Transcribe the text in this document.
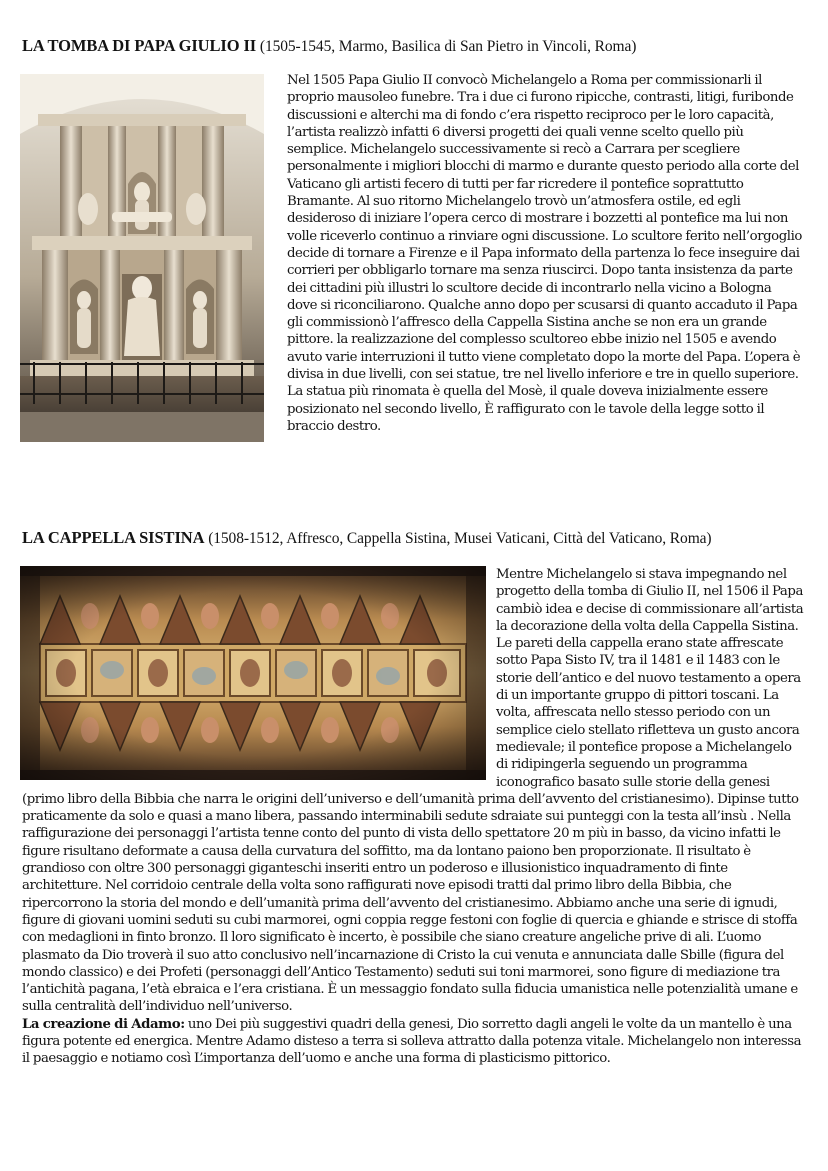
LA TOMBA DI PAPA GIULIO II (1505-1545, Marmo, Basilica di San Pietro in Vincoli, Roma)
Nel 1505 Papa Giulio II convocò Michelangelo a Roma per commissionarli il proprio mausoleo funebre. Tra i due ci furono ripicche, contrasti, litigi, furibonde discussioni e alterchi ma di fondo c’era rispetto reciproco per le loro capacità, l’artista realizzò infatti 6 diversi progetti dei quali venne scelto quello più semplice. Michelangelo successivamente si recò a Carrara per scegliere personalmente i migliori blocchi di marmo e durante questo periodo alla corte del Vaticano gli artisti fecero di tutti per far ricredere il pontefice soprattutto Bramante. Al suo ritorno Michelangelo trovò un’atmosfera ostile, ed egli desideroso di iniziare l’opera cerco di mostrare i bozzetti al pontefice ma lui non volle riceverlo continuo a rinviare ogni discussione. Lo scultore ferito nell’orgoglio decide di tornare a Firenze e il Papa informato della partenza lo fece inseguire dai corrieri per obbligarlo tornare ma senza riuscirci. Dopo tanta insistenza da parte dei cittadini più illustri lo scultore decide di incontrarlo nella vicino a Bologna dove si riconciliarono. Qualche anno dopo per scusarsi di quanto accaduto il Papa gli commissionò l’affresco della Cappella Sistina anche se non era un grande pittore. la realizzazione del complesso scultoreo ebbe inizio nel 1505 e avendo avuto varie interruzioni il tutto viene completato dopo la morte del Papa. L’opera è divisa in due livelli, con sei statue, tre nel livello inferiore e tre in quello superiore. La statua più rinomata è quella del Mosè, il quale doveva inizialmente essere posizionato nel secondo livello, È raffigurato con le tavole della legge sotto il braccio destro.
LA CAPPELLA SISTINA (1508-1512, Affresco, Cappella Sistina, Musei Vaticani, Città del Vaticano, Roma)

Mentre Michelangelo si stava impegnando nel progetto della tomba di Giulio II, nel 1506 il Papa cambiò idea e decise di commissionare all’artista la decorazione della volta della Cappella Sistina. Le pareti della cappella erano state affrescate sotto Papa Sisto IV, tra il 1481 e il 1483 con le storie dell’antico e del nuovo testamento a opera di un importante gruppo di pittori toscani. La volta, affrescata nello stesso periodo con un semplice cielo stellato rifletteva un gusto ancora medievale; il pontefice propose a Michelangelo di ridipingerla seguendo un programma iconografico basato sulle storie della genesi (primo libro della Bibbia che narra le origini dell’universo e dell’umanità prima dell’avvento del cristianesimo). Dipinse tutto praticamente da solo e quasi a mano libera, passando interminabili sedute sdraiate sui punteggi con la testa all’insù . Nella raffigurazione dei personaggi l’artista tenne conto del punto di vista dello spettatore 20 m più in basso, da vicino infatti le figure risultano deformate a causa della curvatura del soffitto, ma da lontano paiono ben proporzionate. Il risultato è grandioso con oltre 300 personaggi giganteschi inseriti entro un poderoso e illusionistico inquadramento di finte architetture. Nel corridoio centrale della volta sono raffigurati nove episodi tratti dal primo libro della Bibbia, che ripercorrono la storia del mondo e dell’umanità prima dell’avvento del cristianesimo. Abbiamo anche una serie di ignudi, figure di giovani uomini seduti su cubi marmorei, ogni coppia regge festoni con foglie di quercia e ghiande e strisce di stoffa con medaglioni in finto bronzo. Il loro significato è incerto, è possibile che siano creature angeliche prive di ali. L’uomo plasmato da Dio troverà il suo atto conclusivo nell’incarnazione di Cristo la cui venuta e annunciata dalle Sbille (figura del mondo classico) e dei Profeti (personaggi dell’Antico Testamento) seduti sui toni marmorei, sono figure di mediazione tra l’antichità pagana, l’età ebraica e l’era cristiana. È un messaggio fondato sulla fiducia umanistica nelle potenzialità umane e sulla centralità dell’individuo nell’universo.

La creazione di Adamo: uno Dei più suggestivi quadri della genesi, Dio sorretto dagli angeli le volte da un mantello è una figura potente ed energica. Mentre Adamo disteso a terra si solleva attratto dalla potenza vitale. Michelangelo non interessa il paesaggio e notiamo così L’importanza dell’uomo e anche una forma di plasticismo pittorico.
